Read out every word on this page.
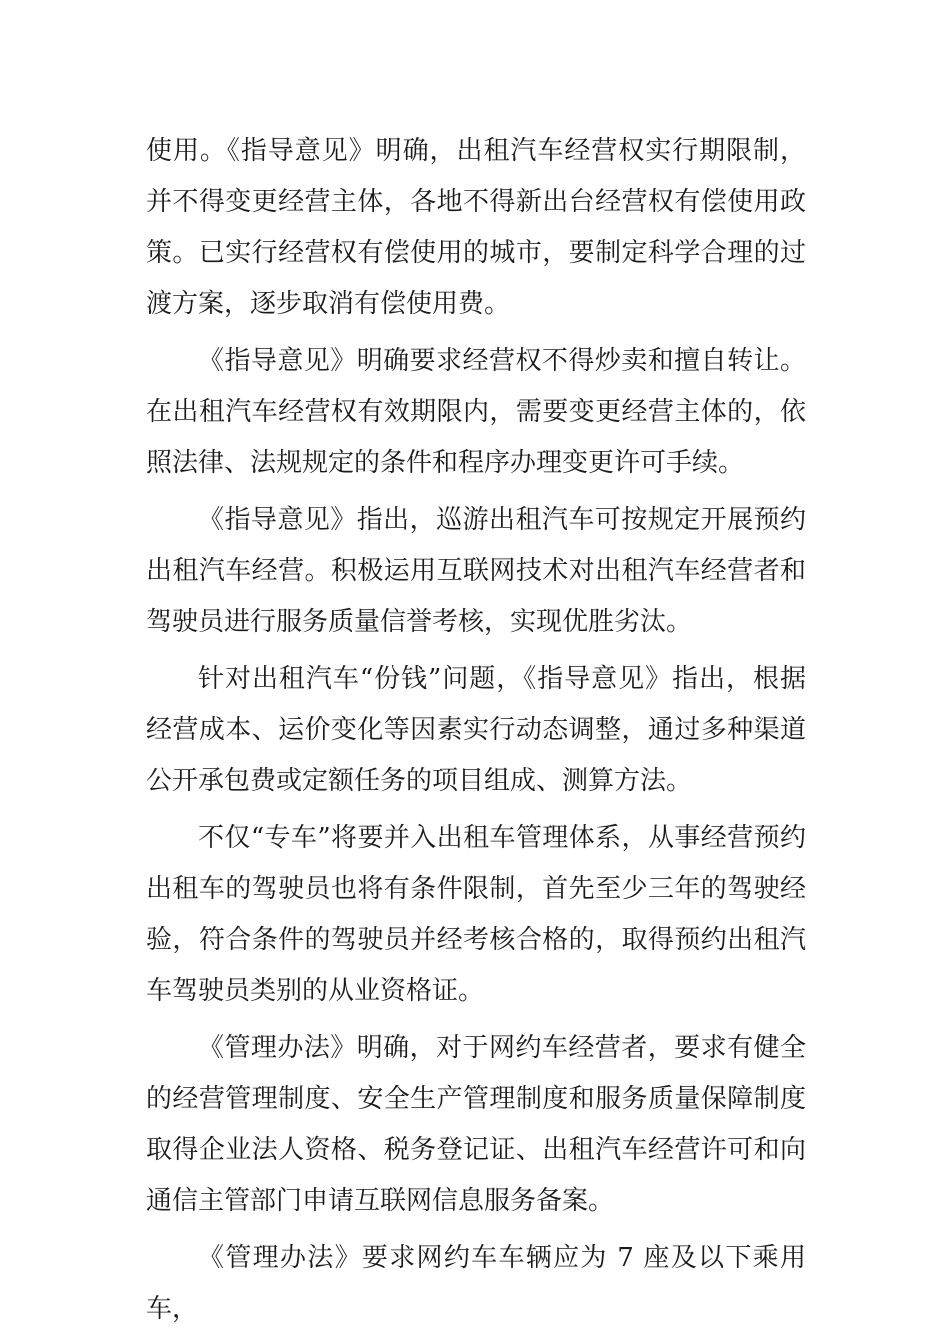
使用。《指导意见》明确，出租汽车经营权实行期限制，并不得变更经营主体，各地不得新出台经营权有偿使用政策。已实行经营权有偿使用的城市，要制定科学合理的过渡方案，逐步取消有偿使用费。

《指导意见》明确要求经营权不得炒卖和擅自转让。在出租汽车经营权有效期限内，需要变更经营主体的，依照法律、法规规定的条件和程序办理变更许可手续。

《指导意见》指出，巡游出租汽车可按规定开展预约出租汽车经营。积极运用互联网技术对出租汽车经营者和驾驶员进行服务质量信誉考核，实现优胜劣汰。

针对出租汽车“份钱”问题，《指导意见》指出，根据经营成本、运价变化等因素实行动态调整，通过多种渠道公开承包费或定额任务的项目组成、测算方法。

不仅“专车”将要并入出租车管理体系，从事经营预约出租车的驾驶员也将有条件限制，首先至少三年的驾驶经验，符合条件的驾驶员并经考核合格的，取得预约出租汽车驾驶员类别的从业资格证。

《管理办法》明确，对于网约车经营者，要求有健全的经营管理制度、安全生产管理制度和服务质量保障制度取得企业法人资格、税务登记证、出租汽车经营许可和向通信主管部门申请互联网信息服务备案。

《管理办法》要求网约车车辆应为 7 座及以下乘用车，
